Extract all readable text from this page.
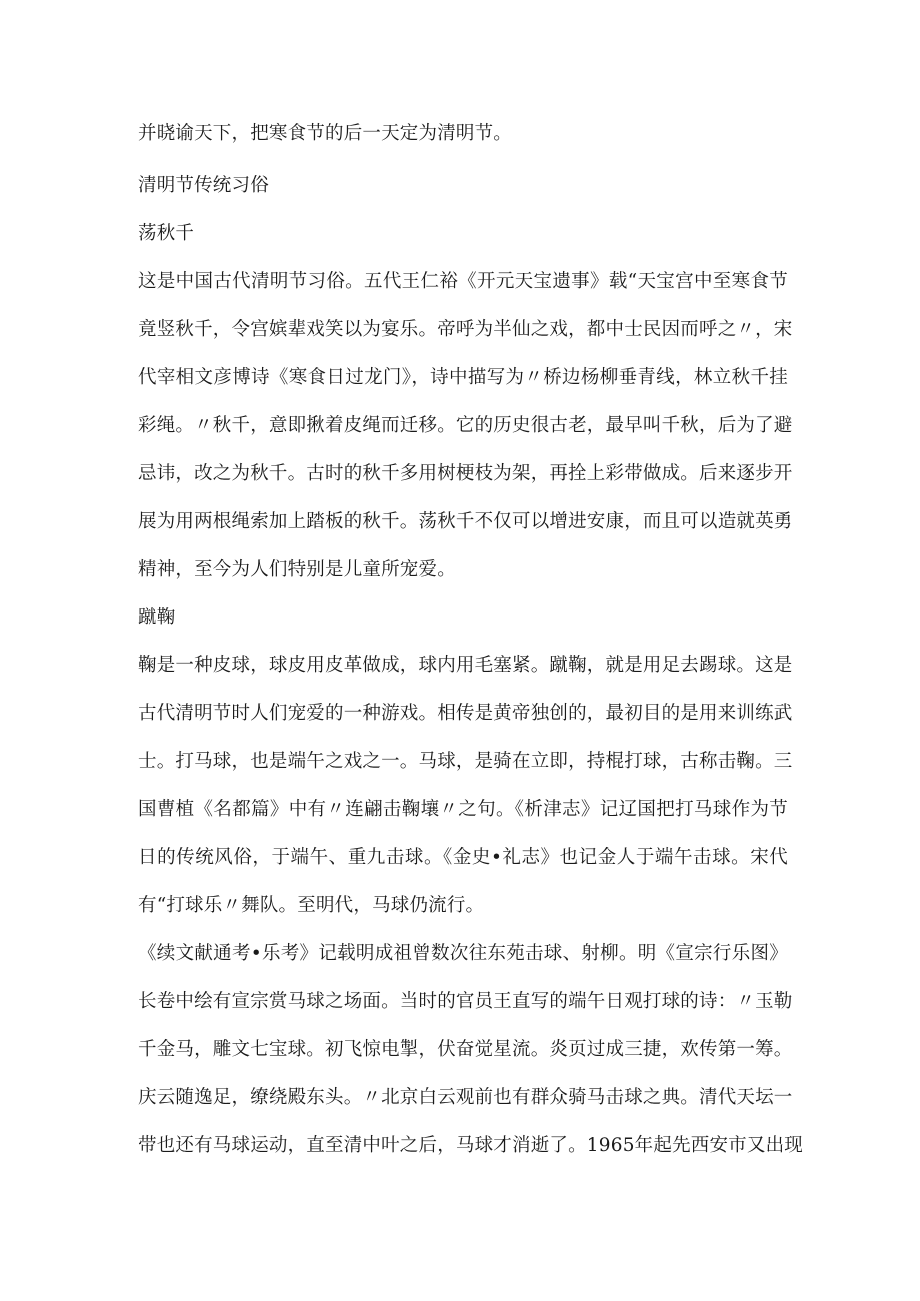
并晓谕天下，把寒食节的后一天定为清明节。
清明节传统习俗
荡秋千
这是中国古代清明节习俗。五代王仁裕《开元天宝遗事》载“天宝宫中至寒食节
竟竖秋千，令宫嫔辈戏笑以为宴乐。帝呼为半仙之戏，都中士民因而呼之〃，宋
代宰相文彦博诗《寒食日过龙门》，诗中描写为〃桥边杨柳垂青线，林立秋千挂
彩绳。〃秋千，意即揪着皮绳而迁移。它的历史很古老，最早叫千秋，后为了避
忌讳，改之为秋千。古时的秋千多用树梗枝为架，再拴上彩带做成。后来逐步开
展为用两根绳索加上踏板的秋千。荡秋千不仅可以增进安康，而且可以造就英勇
精神，至今为人们特别是儿童所宠爱。
蹴鞠
鞠是一种皮球，球皮用皮革做成，球内用毛塞紧。蹴鞠，就是用足去踢球。这是
古代清明节时人们宠爱的一种游戏。相传是黄帝独创的，最初目的是用来训练武
士。打马球，也是端午之戏之一。马球，是骑在立即，持棍打球，古称击鞠。三
国曹植《名都篇》中有〃连翩击鞠壤〃之句。《析津志》记辽国把打马球作为节
日的传统风俗，于端午、重九击球。《金史•礼志》也记金人于端午击球。宋代
有“打球乐〃舞队。至明代，马球仍流行。
《续文献通考•乐考》记载明成祖曾数次往东苑击球、射柳。明《宣宗行乐图》
长卷中绘有宣宗赏马球之场面。当时的官员王直写的端午日观打球的诗：〃玉勒
千金马，雕文七宝球。初飞惊电掣，伏奋觉星流。炎页过成三捷，欢传第一筹。
庆云随逸足，缭绕殿东头。〃北京白云观前也有群众骑马击球之典。清代天坛一
带也还有马球运动，直至清中叶之后，马球才消逝了。1965年起先西安市又出现
